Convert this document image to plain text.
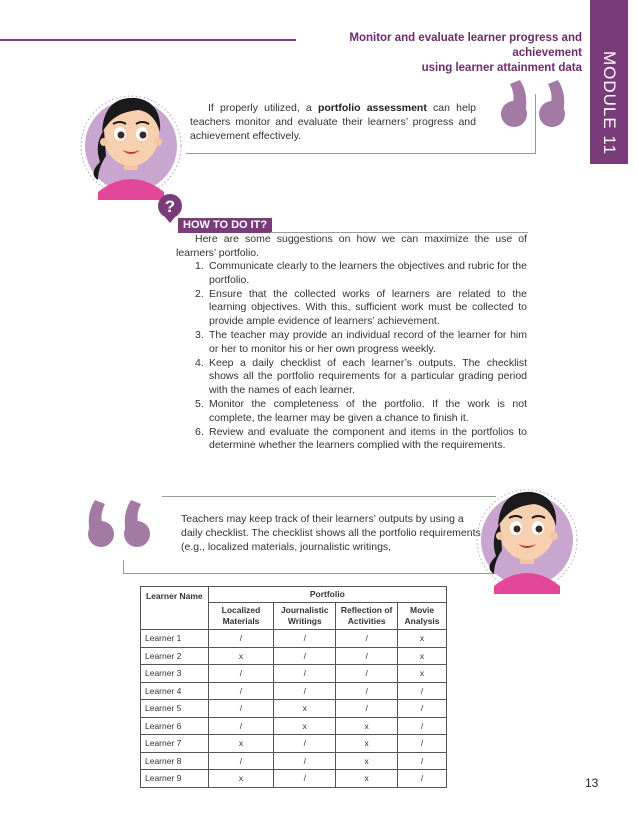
Monitor and evaluate learner progress and achievement
using learner attainment data MODULE 11

If properly utilized, a portfolio assessment can help teachers monitor and evaluate their learners’ progress and achievement effectively.

?
HOW TO DO IT?

Here are some suggestions on how we can maximize the use of learners’ portfolio.

1. Communicate clearly to the learners the objectives and rubric for the portfolio.
2. Ensure that the collected works of learners are related to the learning objectives. With this, sufficient work must be collected to provide ample evidence of learners’ achievement.
3. The teacher may provide an individual record of the learner for him or her to monitor his or her own progress weekly.
4. Keep a daily checklist of each learner’s outputs. The checklist shows all the portfolio requirements for a particular grading period with the names of each learner.
5. Monitor the completeness of the portfolio. If the work is not complete, the learner may be given a chance to finish it.
6. Review and evaluate the component and items in the portfolios to determine whether the learners complied with the requirements.

Teachers may keep track of their learners’ outputs by using a daily checklist. The checklist shows all the portfolio requirements (e.g., localized materials, journalistic writings,

Learner Name	Portfolio			
	Localized Materials	Journalistic Writings	Reflection of Activities	Movie Analysis
Learner 1	/	/	/	x
Learner 2	x	/	/	x
Learner 3	/	/	/	x
Learner 4	/	/	/	/
Learner 5	/	x	/	/
Learner 6	/	x	x	/
Learner 7	x	/	x	/
Learner 8	/	/	x	/
Learner 9	x	/	x	/	13
